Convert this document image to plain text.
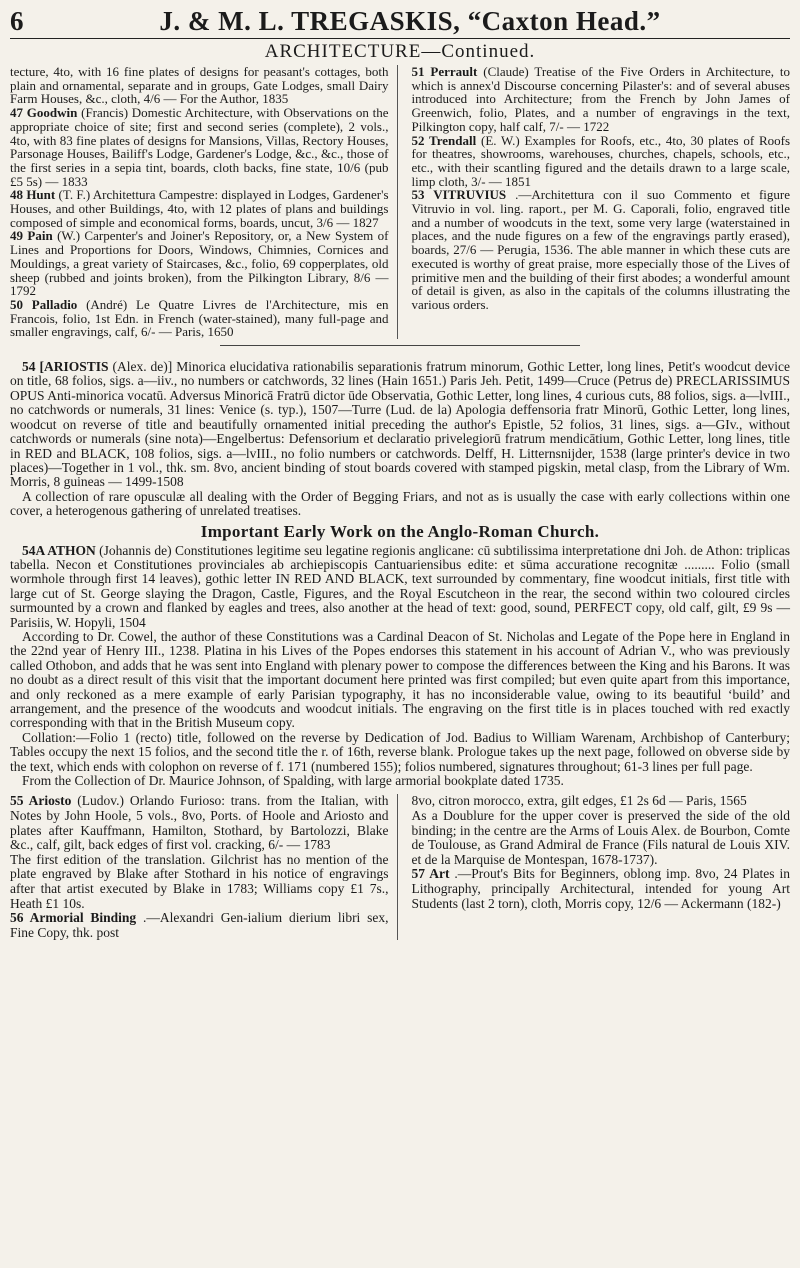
6	J. & M. L. TREGASKIS, “Caxton Head.”
ARCHITECTURE—Continued.

tecture, 4to, with 16 fine plates of designs for peasant's cottages, both plain and ornamental, separate and in groups, Gate Lodges, small Dairy Farm Houses, &c., cloth, 4/6 — For the Author, 1835

47 Goodwin (Francis) Domestic Architecture, with Observations on the appropriate choice of site; first and second series (complete), 2 vols., 4to, with 83 fine plates of designs for Mansions, Villas, Rectory Houses, Parsonage Houses, Bailiff's Lodge, Gardener's Lodge, &c., &c., those of the first series in a sepia tint, boards, cloth backs, fine state, 10/6 (pub £5 5s) — 1833

48 Hunt (T. F.) Architettura Campestre: displayed in Lodges, Gardener's Houses, and other Buildings, 4to, with 12 plates of plans and buildings composed of simple and economical forms, boards, uncut, 3/6 — 1827

49 Pain (W.) Carpenter's and Joiner's Repository, or, a New System of Lines and Proportions for Doors, Windows, Chimnies, Cornices and Mouldings, a great variety of Staircases, &c., folio, 69 copperplates, old sheep (rubbed and joints broken), from the Pilkington Library, 8/6 — 1792

50 Palladio (André) Le Quatre Livres de l'Architecture, mis en Francois, folio, 1st Edn. in French (water-stained), many full-page and smaller engravings, calf, 6/- — Paris, 1650

51 Perrault (Claude) Treatise of the Five Orders in Architecture, to which is annex'd Discourse concerning Pilaster's: and of several abuses introduced into Architecture; from the French by John James of Greenwich, folio, Plates, and a number of engravings in the text, Pilkington copy, half calf, 7/- — 1722

52 Trendall (E. W.) Examples for Roofs, etc., 4to, 30 plates of Roofs for theatres, showrooms, warehouses, churches, chapels, schools, etc., etc., with their scantling figured and the details drawn to a large scale, limp cloth, 3/- — 1851

53 VITRUVIUS .—Architettura con il suo Commento et figure Vitruvio in vol. ling. raport., per M. G. Caporali, folio, engraved title and a number of woodcuts in the text, some very large (waterstained in places, and the nude figures on a few of the engravings partly erased), boards, 27/6 — Perugia, 1536. The able manner in which these cuts are executed is worthy of great praise, more especially those of the Lives of primitive men and the building of their first abodes; a wonderful amount of detail is given, as also in the capitals of the columns illustrating the various orders.

54 [ARIOSTIS (Alex. de)] Minorica elucidativa rationabilis separationis fratrum minorum, Gothic Letter, long lines, Petit's woodcut device on title, 68 folios, sigs. a—iiv., no numbers or catchwords, 32 lines (Hain 1651.) Paris Jeh. Petit, 1499—Cruce (Petrus de) PRECLARISSIMUS OPUS Anti-minorica vocatū. Adversus Minoricā Fratrū dictor ūde Observatia, Gothic Letter, long lines, 4 curious cuts, 88 folios, sigs. a—lvIII., no catchwords or numerals, 31 lines: Venice (s. typ.), 1507—Turre (Lud. de la) Apologia deffensoria fratr Minorū, Gothic Letter, long lines, woodcut on reverse of title and beautifully ornamented initial preceding the author's Epistle, 52 folios, 31 lines, sigs. a—GIv., without catchwords or numerals (sine nota)—Engelbertus: Defensorium et declaratio privelegiorū fratrum mendicātium, Gothic Letter, long lines, title in RED and BLACK, 108 folios, sigs. a—lvIII., no folio numbers or catchwords. Delff, H. Litternsnijder, 1538 (large printer's device in two places)—Together in 1 vol., thk. sm. 8vo, ancient binding of stout boards covered with stamped pigskin, metal clasp, from the Library of Wm. Morris, 8 guineas — 1499-1508

A collection of rare opusculæ all dealing with the Order of Begging Friars, and not as is usually the case with early collections within one cover, a heterogenous gathering of unrelated treatises.

Important Early Work on the Anglo-Roman Church.

54A ATHON (Johannis de) Constitutiones legitime seu legatine regionis anglicane: cū subtilissima interpretatione dni Joh. de Athon: triplicas tabella. Necon et Constitutiones provinciales ab archiepiscopis Cantuariensibus edite: et sūma accuratione recognitæ ......... Folio (small wormhole through first 14 leaves), gothic letter IN RED AND BLACK, text surrounded by commentary, fine woodcut initials, first title with large cut of St. George slaying the Dragon, Castle, Figures, and the Royal Escutcheon in the rear, the second within two coloured circles surmounted by a crown and flanked by eagles and trees, also another at the head of text: good, sound, PERFECT copy, old calf, gilt, £9 9s — Parisiis, W. Hopyli, 1504

According to Dr. Cowel, the author of these Constitutions was a Cardinal Deacon of St. Nicholas and Legate of the Pope here in England in the 22nd year of Henry III., 1238. Platina in his Lives of the Popes endorses this statement in his account of Adrian V., who was previously called Othobon, and adds that he was sent into England with plenary power to compose the differences between the King and his Barons. It was no doubt as a direct result of this visit that the important document here printed was first compiled; but even quite apart from this importance, and only reckoned as a mere example of early Parisian typography, it has no inconsiderable value, owing to its beautiful ‘build’ and arrangement, and the presence of the woodcuts and woodcut initials. The engraving on the first title is in places touched with red exactly corresponding with that in the British Museum copy.

Collation:—Folio 1 (recto) title, followed on the reverse by Dedication of Jod. Badius to William Warenam, Archbishop of Canterbury; Tables occupy the next 15 folios, and the second title the r. of 16th, reverse blank. Prologue takes up the next page, followed on obverse side by the text, which ends with colophon on reverse of f. 171 (numbered 155); folios numbered, signatures throughout; 61-3 lines per full page.

From the Collection of Dr. Maurice Johnson, of Spalding, with large armorial bookplate dated 1735.

55 Ariosto (Ludov.) Orlando Furioso: trans. from the Italian, with Notes by John Hoole, 5 vols., 8vo, Ports. of Hoole and Ariosto and plates after Kauffmann, Hamilton, Stothard, by Bartolozzi, Blake &c., calf, gilt, back edges of first vol. cracking, 6/- — 1783

The first edition of the translation. Gilchrist has no mention of the plate engraved by Blake after Stothard in his notice of engravings after that artist executed by Blake in 1783; Williams copy £1 7s., Heath £1 10s.

56 Armorial Binding .—Alexandri Gen-ialium dierium libri sex, Fine Copy, thk. post

8vo, citron morocco, extra, gilt edges, £1 2s 6d — Paris, 1565

As a Doublure for the upper cover is preserved the side of the old binding; in the centre are the Arms of Louis Alex. de Bourbon, Comte de Toulouse, as Grand Admiral de France (Fils natural de Louis XIV. et de la Marquise de Montespan, 1678-1737).

57 Art .—Prout's Bits for Beginners, oblong imp. 8vo, 24 Plates in Lithography, principally Architectural, intended for young Art Students (last 2 torn), cloth, Morris copy, 12/6 — Ackermann (182-)
